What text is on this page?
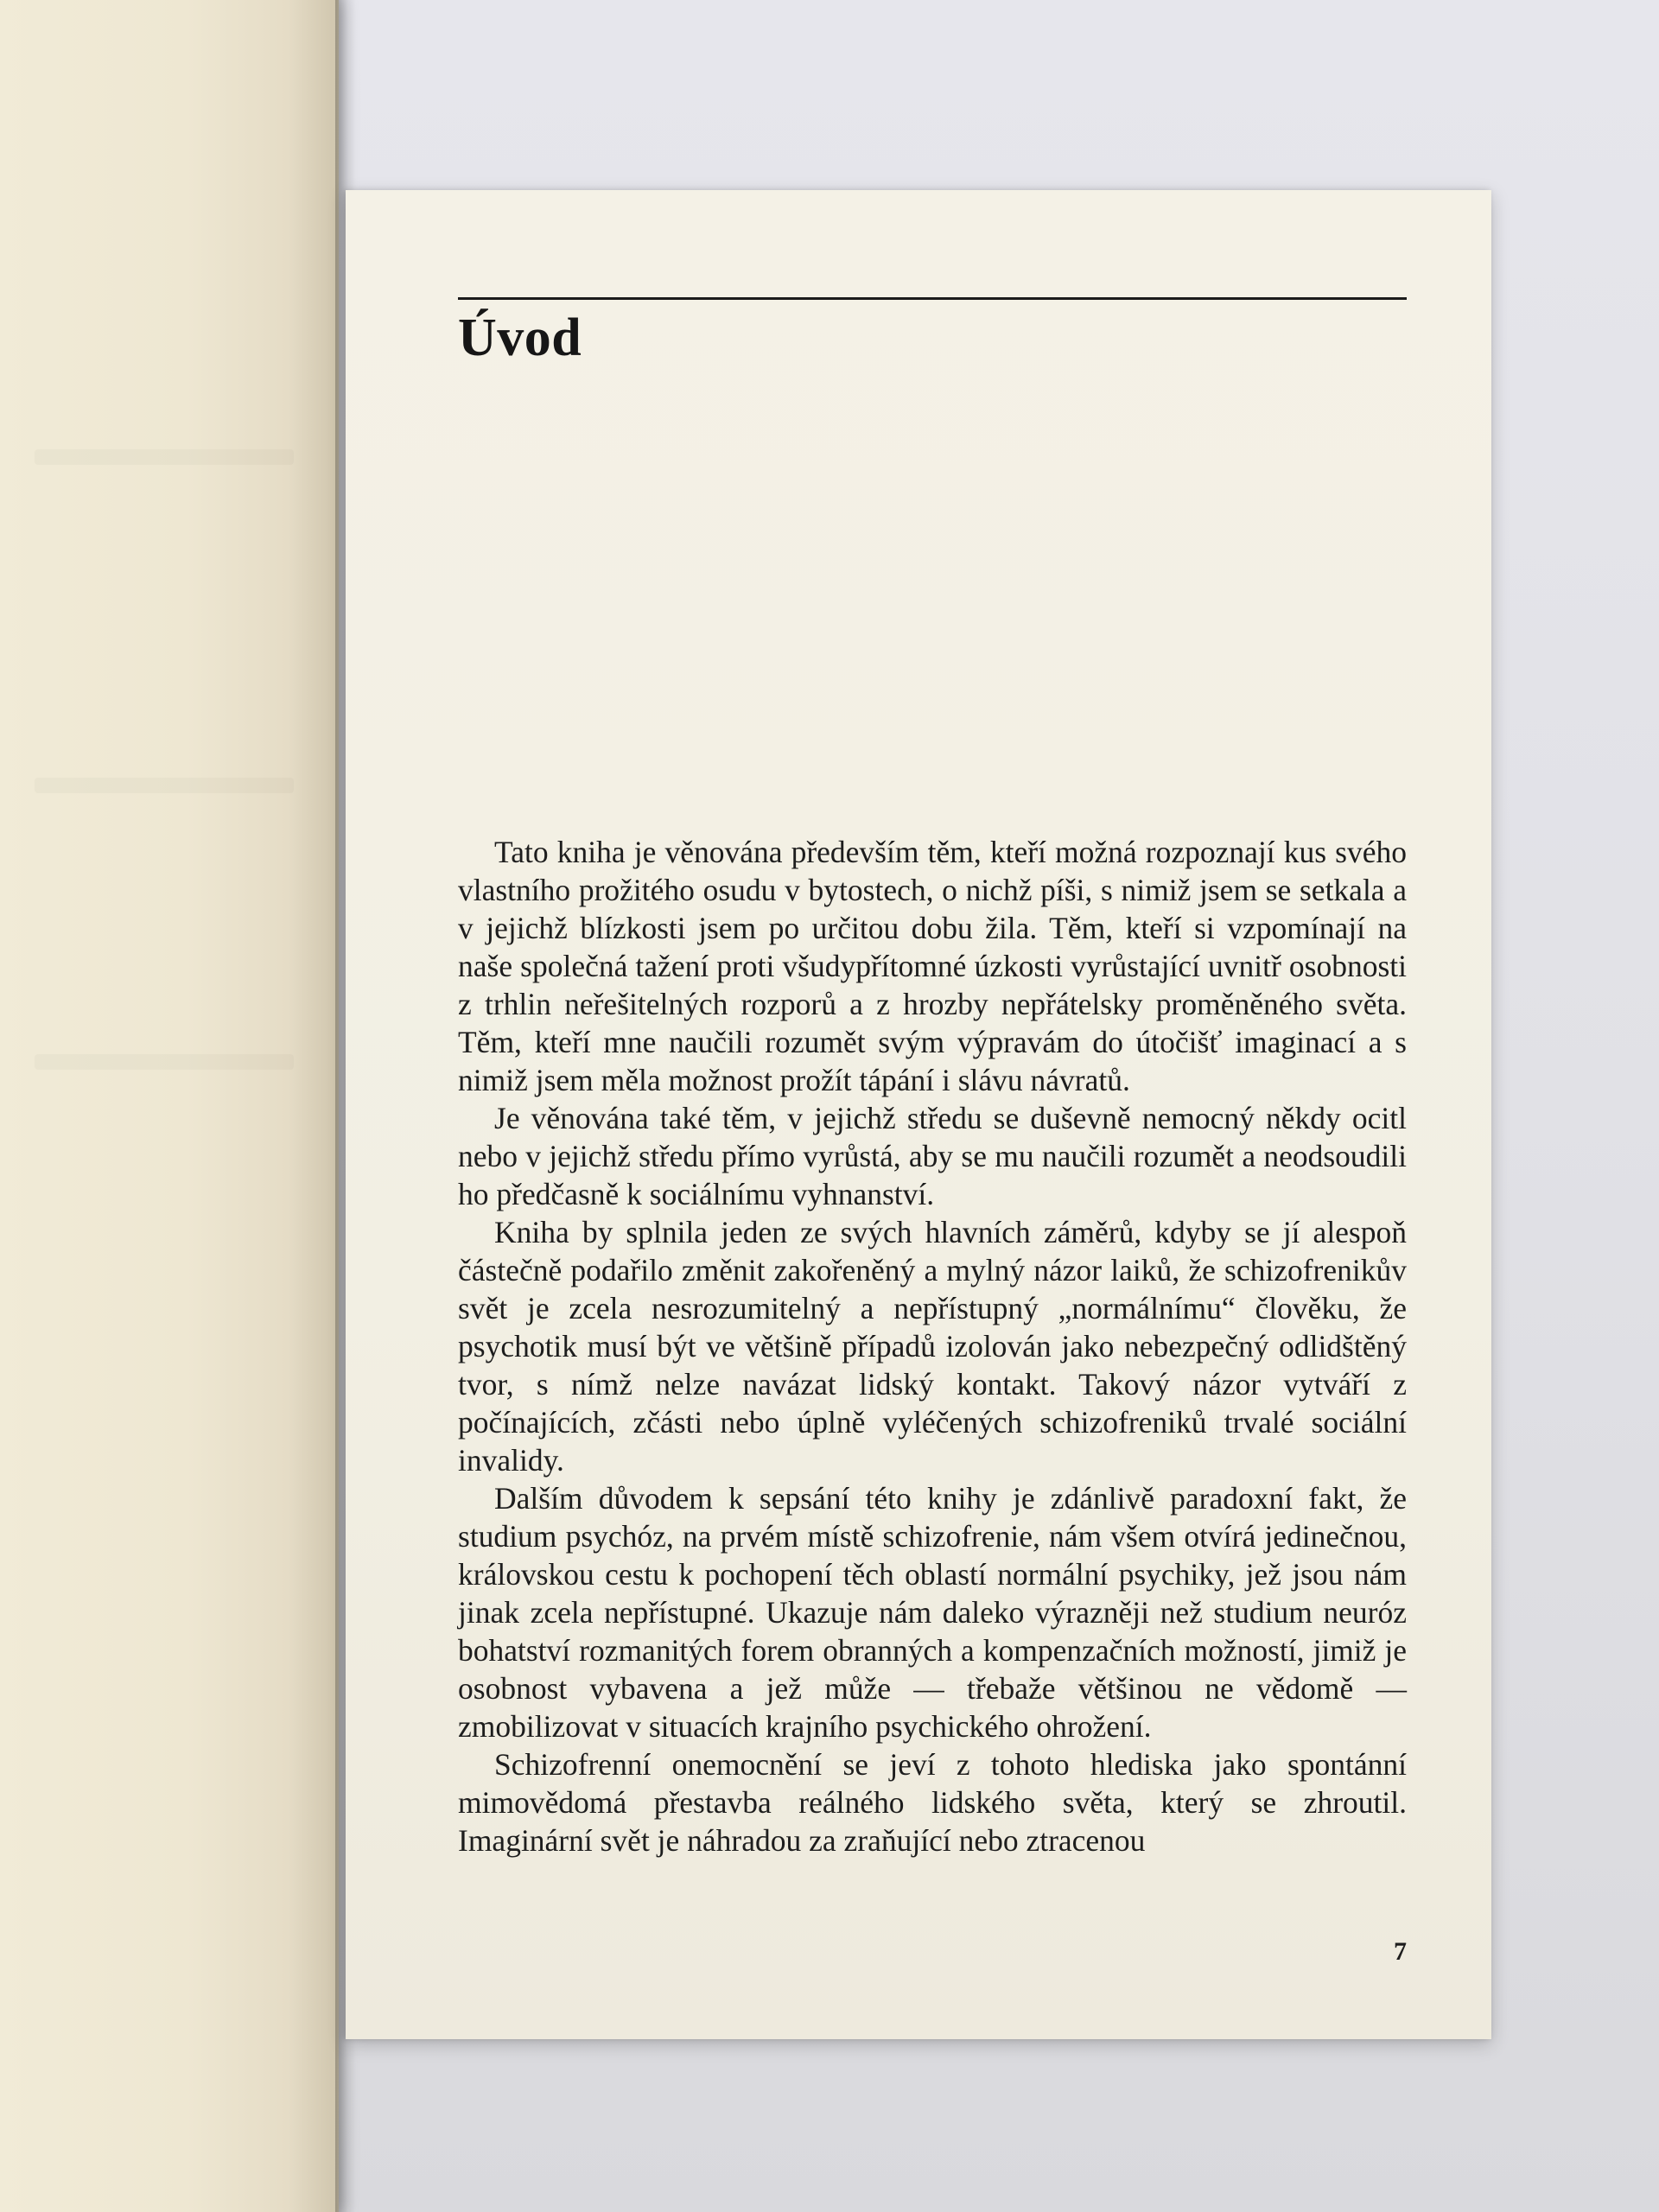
Úvod

Tato kniha je věnována především těm, kteří možná rozpoznají kus svého vlastního prožitého osudu v bytostech, o nichž píši, s nimiž jsem se setkala a v jejichž blízkosti jsem po určitou dobu žila. Těm, kteří si vzpomínají na naše společná tažení proti všudypřítomné úzkosti vyrůstající uvnitř osobnosti z trhlin neřešitelných rozporů a z hrozby nepřátelsky proměněného světa. Těm, kteří mne naučili rozumět svým výpravám do útočišť imaginací a s nimiž jsem měla možnost prožít tápání i slávu návratů.

Je věnována také těm, v jejichž středu se duševně nemocný někdy ocitl nebo v jejichž středu přímo vyrůstá, aby se mu naučili rozumět a neodsoudili ho předčasně k sociálnímu vyhnanství.

Kniha by splnila jeden ze svých hlavních záměrů, kdyby se jí alespoň částečně podařilo změnit zakořeněný a mylný názor laiků, že schizofrenikův svět je zcela nesrozumitelný a nepřístupný „normálnímu“ člověku, že psychotik musí být ve většině případů izolován jako nebezpečný odlidštěný tvor, s nímž nelze navázat lidský kontakt. Takový názor vytváří z počínajících, zčásti nebo úplně vyléčených schizofreniků trvalé sociální invalidy.

Dalším důvodem k sepsání této knihy je zdánlivě paradoxní fakt, že studium psychóz, na prvém místě schizofrenie, nám všem otvírá jedinečnou, královskou cestu k pochopení těch oblastí normální psychiky, jež jsou nám jinak zcela nepřístupné. Ukazuje nám daleko výrazněji než studium neuróz bohatství rozmanitých forem obranných a kompenzačních možností, jimiž je osobnost vybavena a jež může — třebaže většinou ne vědomě — zmobilizovat v situacích krajního psychického ohrožení.

Schizofrenní onemocnění se jeví z tohoto hlediska jako spontánní mimovědomá přestavba reálného lidského světa, který se zhroutil. Imaginární svět je náhradou za zraňující nebo ztracenou

7
